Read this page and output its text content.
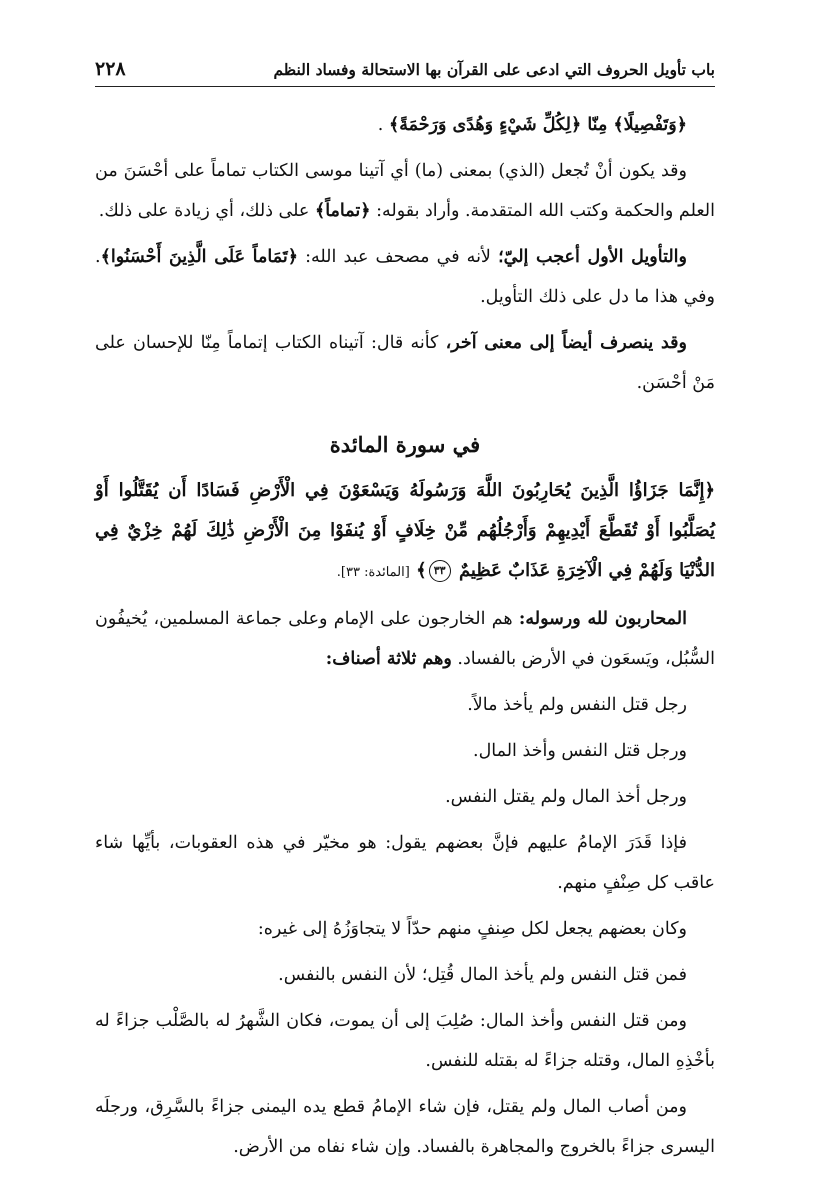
باب تأويل الحروف التي ادعى على القرآن بها الاستحالة وفساد النظم
٢٢٨

﴿وَتَفْصِيلًا﴾ مِنّا ﴿لِكُلِّ شَيْءٍ وَهُدًى وَرَحْمَةً﴾ .

وقد يكون أنْ تُجعل (الذي) بمعنى (ما) أي آتينا موسى الكتاب تماماً على أحْسَنَ من العلم والحكمة وكتب الله المتقدمة. وأراد بقوله: ﴿تماماً﴾ على ذلك، أي زيادة على ذلك.

والتأويل الأول أعجب إليّ؛ لأنه في مصحف عبد الله: ﴿تَمَاماً عَلَى الَّذِينَ أَحْسَنُوا﴾. وفي هذا ما دل على ذلك التأويل.

وقد ينصرف أيضاً إلى معنى آخر، كأنه قال: آتيناه الكتاب إتماماً مِنّا للإحسان على مَنْ أحْسَن.

في سورة المائدة

﴿إِنَّمَا جَزَاؤُا الَّذِينَ يُحَارِبُونَ اللَّهَ وَرَسُولَهُ وَيَسْعَوْنَ فِي الْأَرْضِ فَسَادًا أَن يُقَتَّلُوا أَوْ يُصَلَّبُوا أَوْ تُقَطَّعَ أَيْدِيهِمْ وَأَرْجُلُهُم مِّنْ خِلَافٍ أَوْ يُنفَوْا مِنَ الْأَرْضِ ذَٰلِكَ لَهُمْ خِزْيٌ فِي الدُّنْيَا وَلَهُمْ فِي الْآخِرَةِ عَذَابٌ عَظِيمٌ ٣٣﴾ [المائدة: ٣٣].

المحاربون لله ورسوله: هم الخارجون على الإمام وعلى جماعة المسلمين، يُخيفُون السُّبُل، ويَسعَون في الأرض بالفساد. وهم ثلاثة أصناف:

رجل قتل النفس ولم يأخذ مالاً.

ورجل قتل النفس وأخذ المال.

ورجل أخذ المال ولم يقتل النفس.

فإذا قَدَرَ الإمامُ عليهم فإنَّ بعضهم يقول: هو مخيّر في هذه العقوبات، بأيِّها شاء عاقب كل صِنْفٍ منهم.

وكان بعضهم يجعل لكل صِنفٍ منهم حدّاً لا يتجاوَزُهُ إلى غيره:

فمن قتل النفس ولم يأخذ المال قُتِل؛ لأن النفس بالنفس.

ومن قتل النفس وأخذ المال: صُلِبَ إلى أن يموت، فكان الشَّهرُ له بالصَّلْب جزاءً له بأخْذِهِ المال، وقتله جزاءً له بقتله للنفس.

ومن أصاب المال ولم يقتل، فإن شاء الإمامُ قطع يده اليمنى جزاءً بالسَّرِق، ورجلَه اليسرى جزاءً بالخروج والمجاهرة بالفساد. وإن شاء نفاه من الأرض.
